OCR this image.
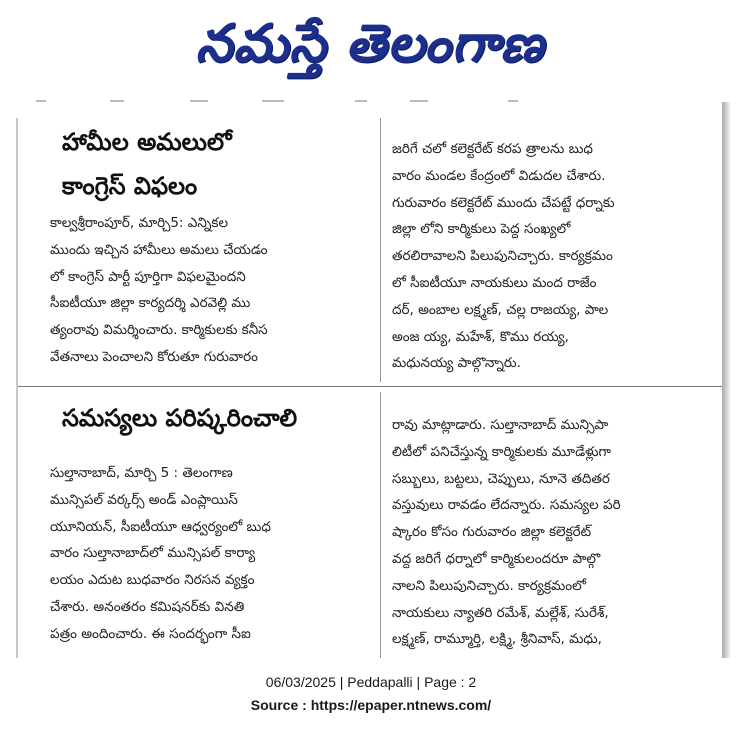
నమస్తే తెలంగాణ
హామీల అమలులో
కాంగ్రెస్ విఫలం

కాల్వశ్రీరాంపూర్, మార్చి5: ఎన్నికల

ముందు ఇచ్చిన హామీలు అమలు చేయడం

లో కాంగ్రెస్ పార్టీ పూర్తిగా విఫలమైందని

సీఐటీయూ జిల్లా కార్యదర్శి ఎరవెల్లి ము

త్యంరావు విమర్శించారు. కార్మికులకు కనీస

వేతనాలు పెంచాలని కోరుతూ గురువారం

జరిగే చలో కలెక్టరేట్ కరప త్రాలను బుధ

వారం మండల కేంద్రంలో విడుదల చేశారు.

గురువారం కలెక్టరేట్ ముందు చేపట్టే ధర్నాకు

జిల్లా లోని కార్మికులు పెద్ద సంఖ్యలో

తరలిరావాలని పిలుపునిచ్చారు. కార్యక్రమం

లో సీఐటీయూ నాయకులు మంద రాజేం

దర్, అంబాల లక్ష్మణ్, చల్ల రాజయ్య, పాల

అంజ య్య, మహేశ్, కొము రయ్య,

మధునయ్య పాల్గొన్నారు.

సమస్యలు పరిష్కరించాలి

సుల్తానాబాద్, మార్చి 5 : తెలంగాణ

మున్సిపల్ వర్కర్స్ అండ్ ఎంప్లాయిస్

యూనియన్, సీఐటీయూ ఆధ్వర్యంలో బుధ

వారం సుల్తానాబాద్‌లో మున్సిపల్ కార్యా

లయం ఎదుట బుధవారం నిరసన వ్యక్తం

చేశారు. అనంతరం కమిషనర్‌కు వినతి

పత్రం అందించారు. ఈ సందర్భంగా సీఐ

రావు మాట్లాడారు. సుల్తానాబాద్ మున్సిపా

లిటీలో పనిచేస్తున్న కార్మికులకు మూడేళ్లుగా

సబ్బులు, బట్టలు, చెప్పులు, నూనె తదితర

వస్తువులు రావడం లేదన్నారు. సమస్యల పరి

ష్కారం కోసం గురువారం జిల్లా కలెక్టరేట్

వద్ద జరిగే ధర్నాలో కార్మికులందరూ పాల్గొ

నాలని పిలుపునిచ్చారు. కార్యక్రమంలో

నాయకులు న్యాతరి రమేశ్, మల్లేశ్, సురేశ్,

లక్ష్మణ్, రామ్మూర్తి, లక్ష్మి, శ్రీనివాస్, మధు,

06/03/2025 | Peddapalli | Page : 2
Source : https://epaper.ntnews.com/
